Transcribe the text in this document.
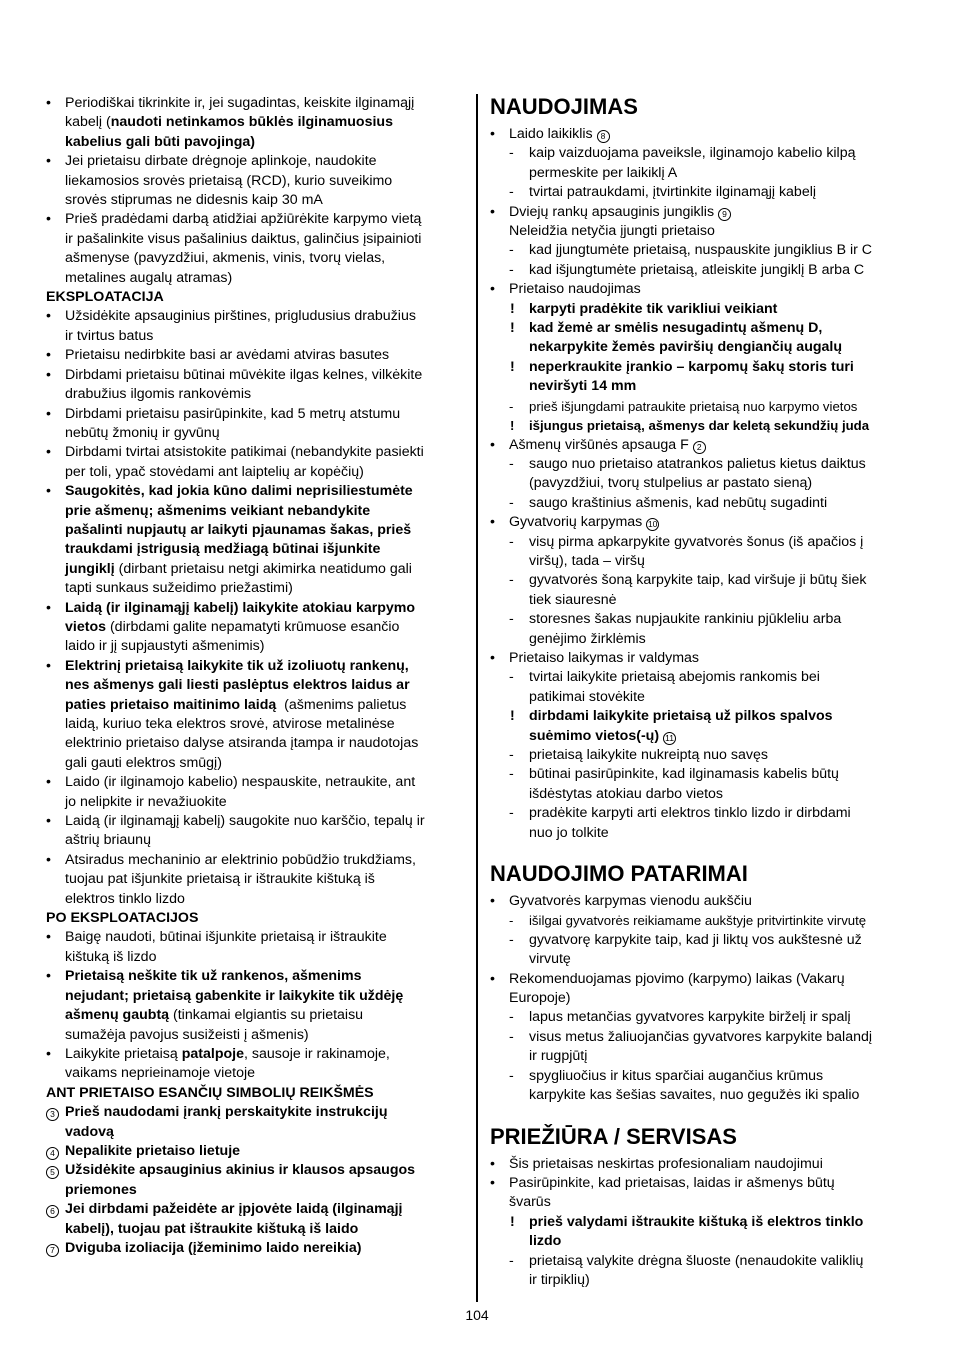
• Periodiškai tikrinkite ir, jei sugadintas, keiskite ilginamąjį
kabelį (naudoti netinkamos būklės ilginamuosius
kabelius gali būti pavojinga)
• Jei prietaisu dirbate drėgnoje aplinkoje, naudokite
liekamosios srovės prietaisą (RCD), kurio suveikimo
srovės stiprumas ne didesnis kaip 30 mA
• Prieš pradėdami darbą atidžiai apžiūrėkite karpymo vietą
ir pašalinkite visus pašalinius daiktus, galinčius įsipainioti
ašmenyse (pavyzdžiui, akmenis, vinis, tvorų vielas,
metalines augalų atramas)
EKSPLOATACIJA
• Užsidėkite apsauginius pirštines, prigludusius drabužius
ir tvirtus batus
• Prietaisu nedirbkite basi ar avėdami atviras basutes
• Dirbdami prietaisu būtinai mūvėkite ilgas kelnes, vilkėkite
drabužius ilgomis rankovėmis
• Dirbdami prietaisu pasirūpinkite, kad 5 metrų atstumu
nebūtų žmonių ir gyvūnų
• Dirbdami tvirtai atsistokite patikimai (nebandykite pasiekti
per toli, ypač stovėdami ant laiptelių ar kopėčių)
• Saugokitės, kad jokia kūno dalimi neprisiliestumėte
prie ašmenų; ašmenims veikiant nebandykite
pašalinti nupjautų ar laikyti pjaunamas šakas, prieš
traukdami įstrigusią medžiagą būtinai išjunkite
jungiklį (dirbant prietaisu netgi akimirka neatidumo gali
tapti sunkaus sužeidimo priežastimi)
• Laidą (ir ilginamąjį kabelį) laikykite atokiau karpymo
vietos (dirbdami galite nepamatyti krūmuose esančio
laido ir jį supjaustyti ašmenimis)
• Elektrinį prietaisą laikykite tik už izoliuotų rankenų,
nes ašmenys gali liesti paslėptus elektros laidus ar
paties prietaiso maitinimo laidą  (ašmenims palietus
laidą, kuriuo teka elektros srovė, atvirose metalinėse
elektrinio prietaiso dalyse atsiranda įtampa ir naudotojas
gali gauti elektros smūgį)
• Laido (ir ilginamojo kabelio) nespauskite, netraukite, ant
jo nelipkite ir nevažiuokite
• Laidą (ir ilginamąjį kabelį) saugokite nuo karščio, tepalų ir
aštrių briaunų
• Atsiradus mechaninio ar elektrinio pobūdžio trukdžiams,
tuojau pat išjunkite prietaisą ir ištraukite kištuką iš
elektros tinklo lizdo
PO EKSPLOATACIJOS
• Baigę naudoti, būtinai išjunkite prietaisą ir ištraukite
kištuką iš lizdo
• Prietaisą neškite tik už rankenos, ašmenims
nejudant; prietaisą gabenkite ir laikykite tik uždėję
ašmenų gaubtą (tinkamai elgiantis su prietaisu
sumažėja pavojus susižeisti į ašmenis)
• Laikykite prietaisą patalpoje, sausoje ir rakinamoje,
vaikams neprieinamoje vietoje
ANT PRIETAISO ESANČIŲ SIMBOLIŲ REIKŠMĖS
3 Prieš naudodami įrankį perskaitykite instrukcijų
vadovą
4 Nepalikite prietaiso lietuje
5 Užsidėkite apsauginius akinius ir klausos apsaugos
priemones
6 Jei dirbdami pažeidėte ar įpjovėte laidą (ilginamąjį
kabelį), tuojau pat ištraukite kištuką iš laido
7 Dviguba izoliacija (įžeminimo laido nereikia)
NAUDOJIMAS
• Laido laikiklis 8
- kaip vaizduojama paveiksle, ilginamojo kabelio kilpą
permeskite per laikiklį A
- tvirtai patraukdami, įtvirtinkite ilginamąjį kabelį
• Dviejų rankų apsauginis jungiklis 9
Neleidžia netyčia įjungti prietaiso
- kad įjungtumėte prietaisą, nuspauskite jungiklius B ir C
- kad išjungtumėte prietaisą, atleiskite jungiklį B arba C
• Prietaiso naudojimas
! karpyti pradėkite tik varikliui veikiant
! kad žemė ar smėlis nesugadintų ašmenų D,
nekarpykite žemės paviršių dengiančių augalų
! neperkraukite įrankio – karpomų šakų storis turi
neviršyti 14 mm
- prieš išjungdami patraukite prietaisą nuo karpymo vietos
! išjungus prietaisą, ašmenys dar keletą sekundžių juda
• Ašmenų viršūnės apsauga F 2
- saugo nuo prietaiso atatrankos palietus kietus daiktus
(pavyzdžiui, tvorų stulpelius ar pastato sieną)
- saugo kraštinius ašmenis, kad nebūtų sugadinti
• Gyvatvorių karpymas 10
- visų pirma apkarpykite gyvatvorės šonus (iš apačios į
viršų), tada – viršų
- gyvatvorės šoną karpykite taip, kad viršuje ji būtų šiek
tiek siauresnė
- storesnes šakas nupjaukite rankiniu pjūkleliu arba
genėjimo žirklėmis
• Prietaiso laikymas ir valdymas
- tvirtai laikykite prietaisą abejomis rankomis bei
patikimai stovėkite
! dirbdami laikykite prietaisą už pilkos spalvos
suėmimo vietos(-ų) 11
- prietaisą laikykite nukreiptą nuo savęs
- būtinai pasirūpinkite, kad ilginamasis kabelis būtų
išdėstytas atokiau darbo vietos
- pradėkite karpyti arti elektros tinklo lizdo ir dirbdami
nuo jo tolkite
NAUDOJIMO PATARIMAI
• Gyvatvorės karpymas vienodu aukščiu
- išilgai gyvatvorės reikiamame aukštyje pritvirtinkite virvutę
- gyvatvorę karpykite taip, kad ji liktų vos aukštesnė už
virvutę
• Rekomenduojamas pjovimo (karpymo) laikas (Vakarų
Europoje)
- lapus metančias gyvatvores karpykite birželį ir spalį
- visus metus žaliuojančias gyvatvores karpykite balandį
ir rugpjūtį
- spygliuočius ir kitus sparčiai augančius krūmus
karpykite kas šešias savaites, nuo gegužės iki spalio
PRIEŽIŪRA / SERVISAS
• Šis prietaisas neskirtas profesionaliam naudojimui
• Pasirūpinkite, kad prietaisas, laidas ir ašmenys būtų
švarūs
! prieš valydami ištraukite kištuką iš elektros tinklo
lizdo
- prietaisą valykite drėgna šluoste (nenaudokite valiklių
ir tirpiklių)
104
